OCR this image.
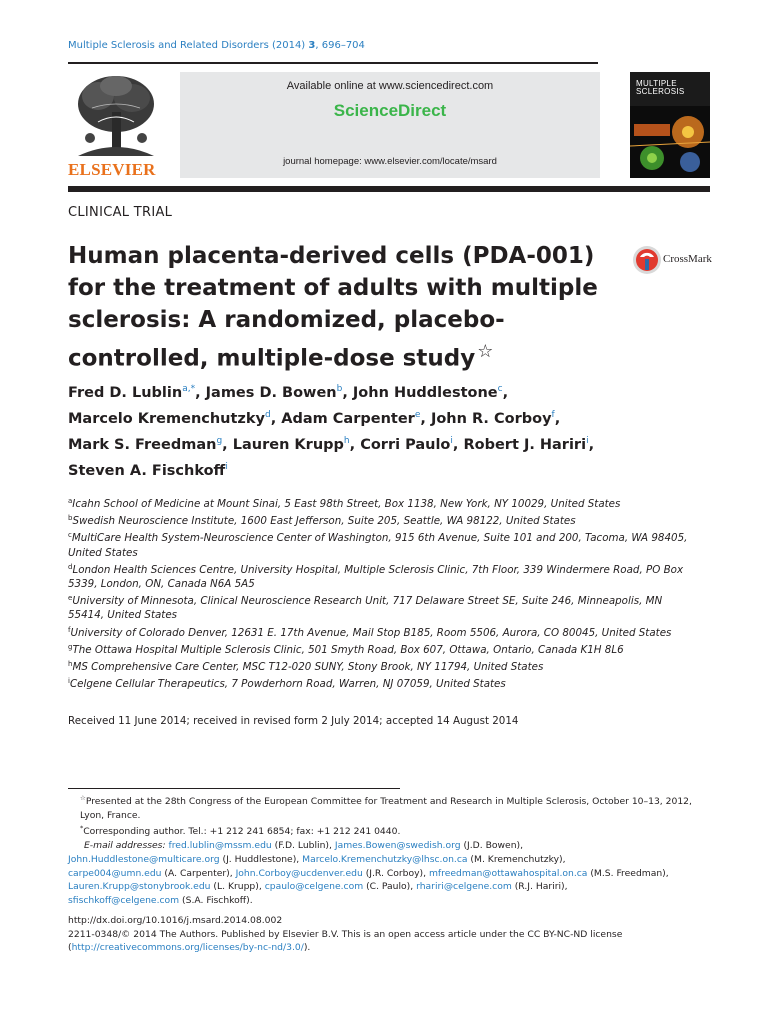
Multiple Sclerosis and Related Disorders (2014) 3, 696–704
ELSEVIER
Available online at www.sciencedirect.com
ScienceDirect
journal homepage: www.elsevier.com/locate/msard
MULTIPLE
SCLEROSIS
CLINICAL TRIAL
Human placenta-derived cells (PDA-001) for the treatment of adults with multiple sclerosis: A randomized, placebo-controlled, multiple-dose study ☆
CrossMark
Fred D. Lublin$^{a,*}$, James D. Bowen$^b$, John Huddlestone$^c$,
Marcelo Kremenchutzky$^d$, Adam Carpenter$^e$, John R. Corboy$^f$,
Mark S. Freedman$^g$, Lauren Krupp$^h$, Corri Paulo$^i$, Robert J. Hariri$^i$,
Steven A. Fischkoff$^i$
$^a$Icahn School of Medicine at Mount Sinai, 5 East 98th Street, Box 1138, New York, NY 10029, United States
$^b$Swedish Neuroscience Institute, 1600 East Jefferson, Suite 205, Seattle, WA 98122, United States
$^c$MultiCare Health System-Neuroscience Center of Washington, 915 6th Avenue, Suite 101 and 200, Tacoma, WA 98405, United States
$^d$London Health Sciences Centre, University Hospital, Multiple Sclerosis Clinic, 7th Floor, 339 Windermere Road, PO Box 5339, London, ON, Canada N6A 5A5
$^e$University of Minnesota, Clinical Neuroscience Research Unit, 717 Delaware Street SE, Suite 246, Minneapolis, MN 55414, United States
$^f$University of Colorado Denver, 12631 E. 17th Avenue, Mail Stop B185, Room 5506, Aurora, CO 80045, United States
$^g$The Ottawa Hospital Multiple Sclerosis Clinic, 501 Smyth Road, Box 607, Ottawa, Ontario, Canada K1H 8L6
$^h$MS Comprehensive Care Center, MSC T12-020 SUNY, Stony Brook, NY 11794, United States
$^i$Celgene Cellular Therapeutics, 7 Powderhorn Road, Warren, NJ 07059, United States
Received 11 June 2014; received in revised form 2 July 2014; accepted 14 August 2014
☆Presented at the 28th Congress of the European Committee for Treatment and Research in Multiple Sclerosis, October 10–13, 2012, Lyon, France.
*Corresponding author. Tel.: +1 212 241 6854; fax: +1 212 241 0440.
E-mail addresses: fred.lublin@mssm.edu (F.D. Lublin), James.Bowen@swedish.org (J.D. Bowen),
John.Huddlestone@multicare.org (J. Huddlestone), Marcelo.Kremenchutzky@lhsc.on.ca (M. Kremenchutzky),
carpe004@umn.edu (A. Carpenter), John.Corboy@ucdenver.edu (J.R. Corboy), mfreedman@ottawahospital.on.ca (M.S. Freedman),
Lauren.Krupp@stonybrook.edu (L. Krupp), cpaulo@celgene.com (C. Paulo), rhariri@celgene.com (R.J. Hariri),
sfischkoff@celgene.com (S.A. Fischkoff).
http://dx.doi.org/10.1016/j.msard.2014.08.002
2211-0348/© 2014 The Authors. Published by Elsevier B.V. This is an open access article under the CC BY-NC-ND license
(http://creativecommons.org/licenses/by-nc-nd/3.0/).
